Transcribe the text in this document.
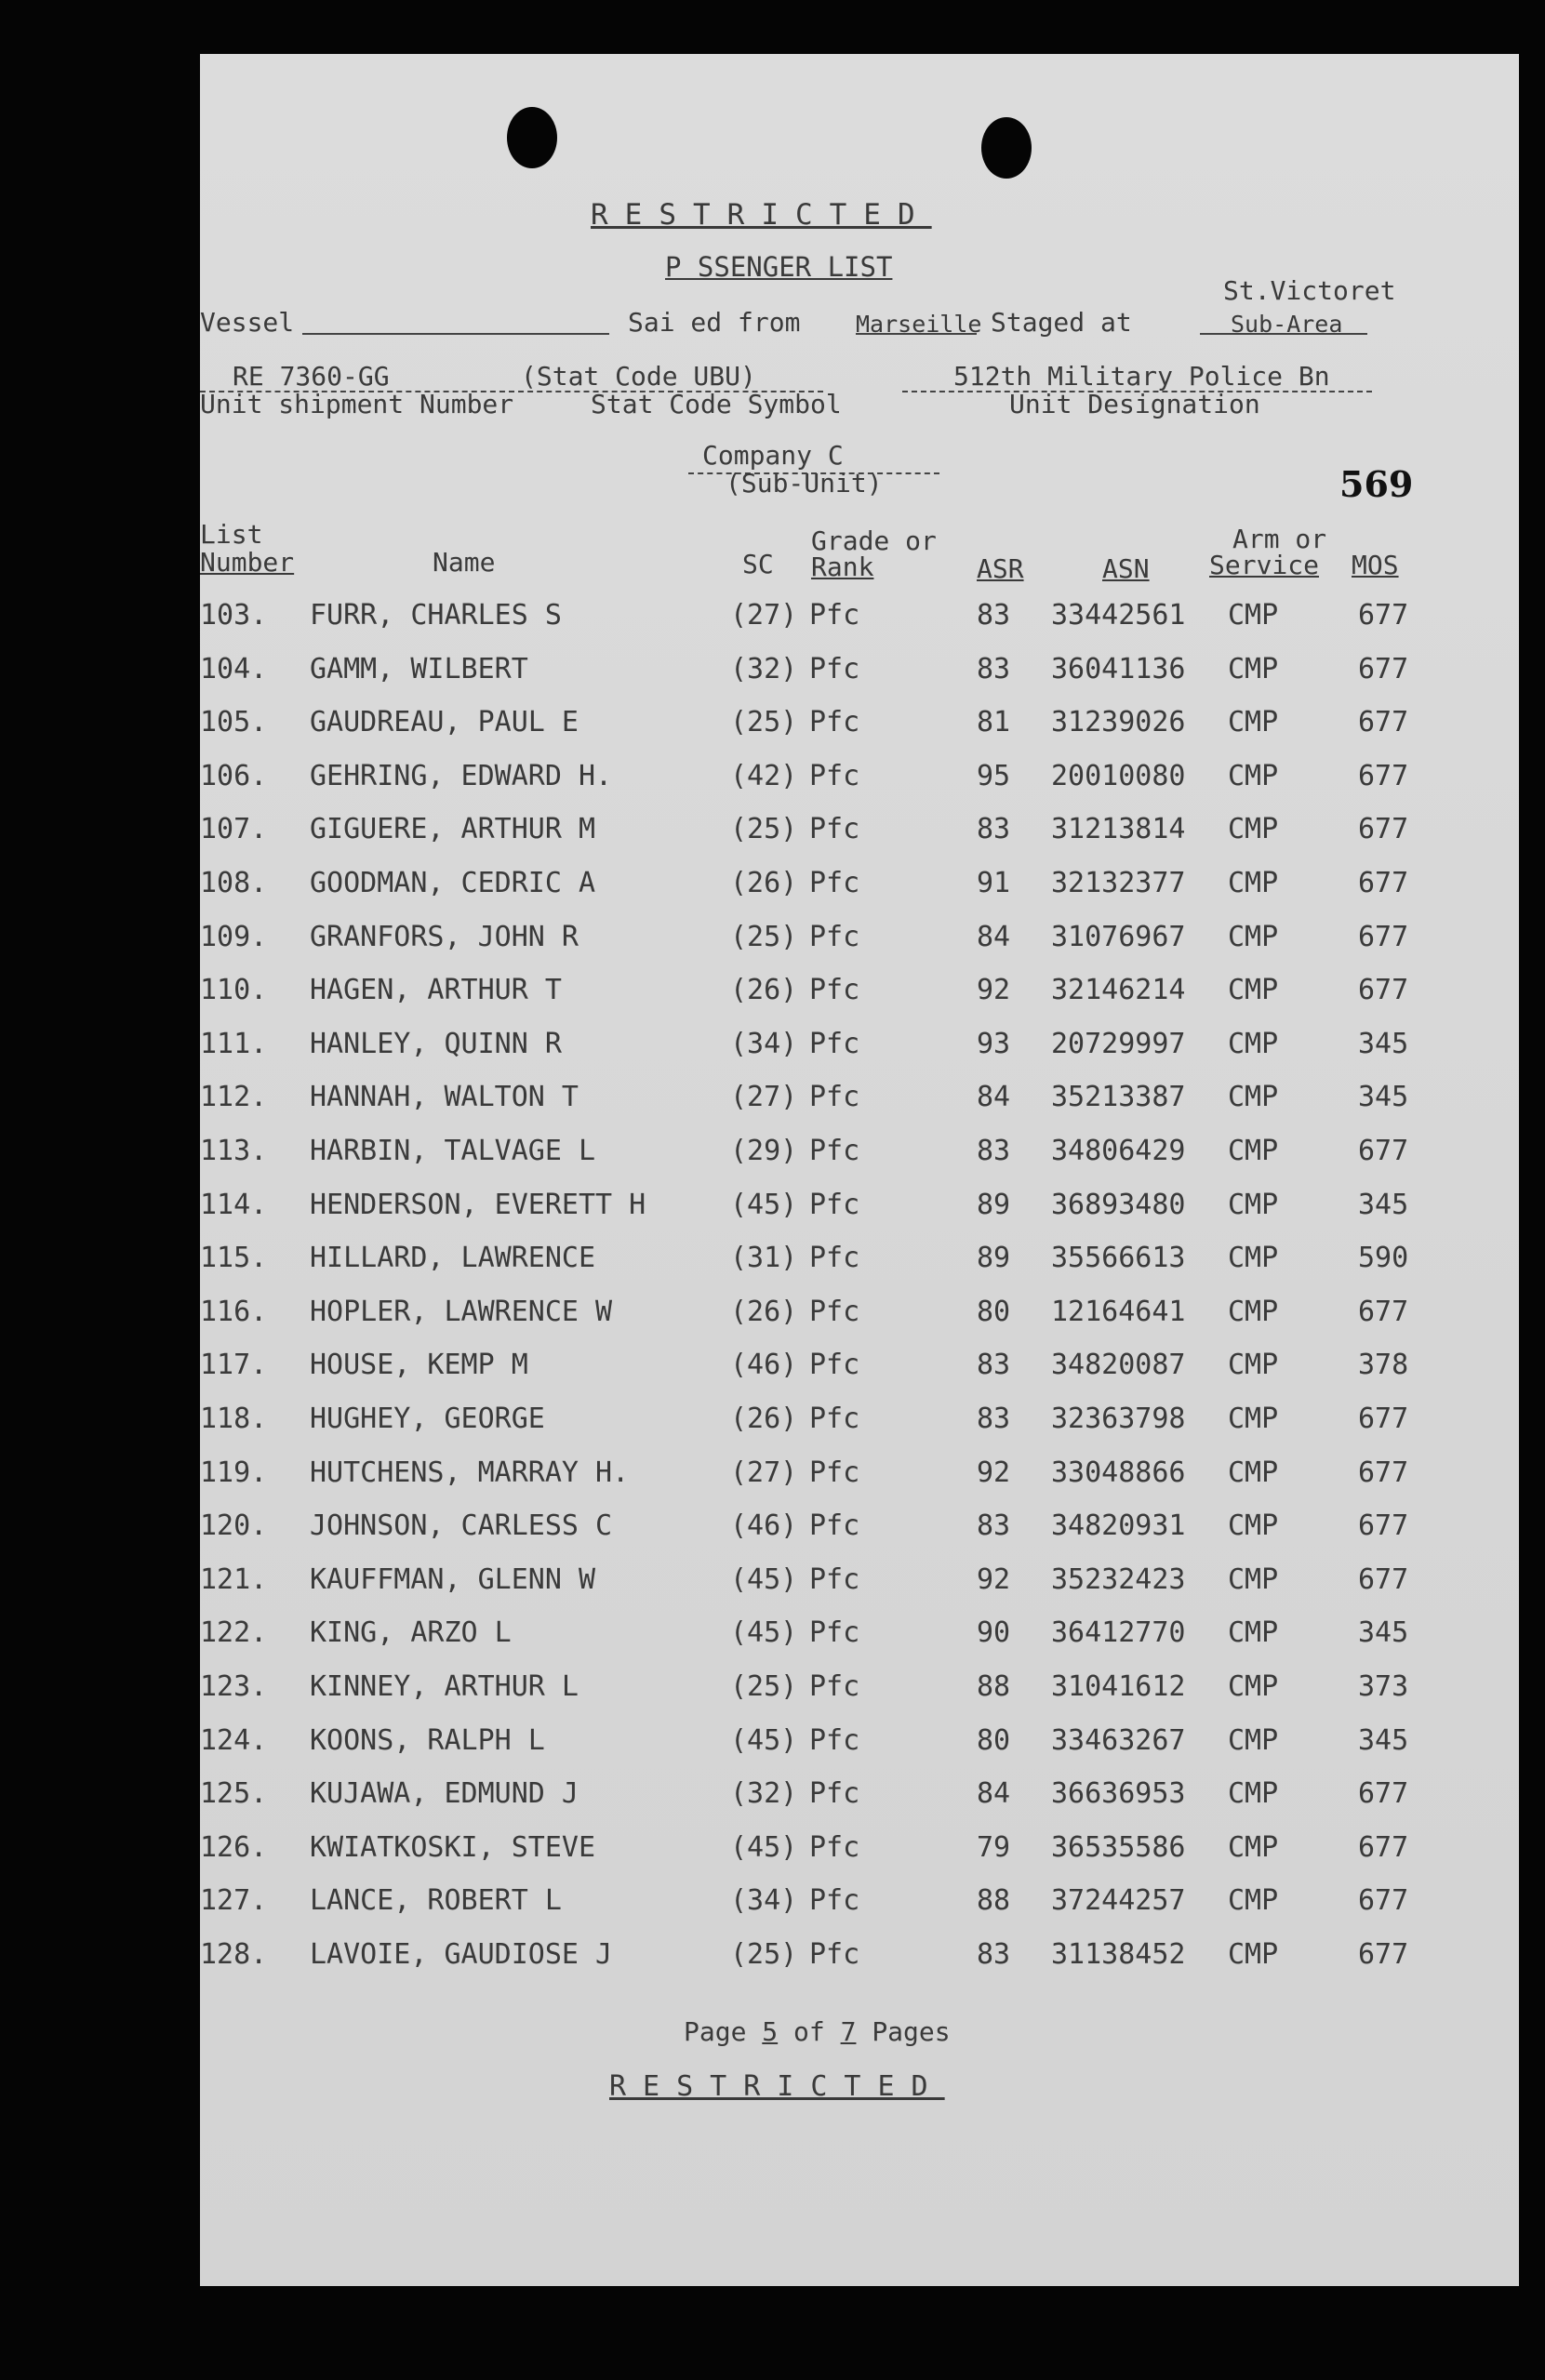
RESTRICTED
P SSENGER LIST
St.Victoret
Vessel	Sai ed from Marseille Staged at	Sub-Area
RE 7360-GG	(Stat Code UBU)	512th Military Police Bn
Unit shipment Number	Stat Code Symbol	Unit Designation
Company C
(Sub-Unit)	569
List
Number	Name	SC
Grade or
Rank	ASR	ASN
Arm or
Service MOS
103. FURR, CHARLES S	(27) Pfc	83 33442561 CMP	677
104. GAMM, WILBERT	(32) Pfc	83 36041136 CMP	677
105. GAUDREAU, PAUL E	(25) Pfc	81 31239026 CMP	677
106. GEHRING, EDWARD H.	(42) Pfc	95 20010080 CMP	677
107. GIGUERE, ARTHUR M	(25) Pfc	83 31213814 CMP	677
108. GOODMAN, CEDRIC A	(26) Pfc	91 32132377 CMP	677
109. GRANFORS, JOHN R	(25) Pfc	84 31076967 CMP	677
110. HAGEN, ARTHUR T	(26) Pfc	92 32146214 CMP	677
111. HANLEY, QUINN R	(34) Pfc	93 20729997 CMP	345
112. HANNAH, WALTON T	(27) Pfc	84 35213387 CMP	345
113. HARBIN, TALVAGE L	(29) Pfc	83 34806429 CMP	677
114. HENDERSON, EVERETT H	(45) Pfc	89 36893480 CMP	345
115. HILLARD, LAWRENCE	(31) Pfc	89 35566613 CMP	590
116. HOPLER, LAWRENCE W	(26) Pfc	80 12164641 CMP	677
117. HOUSE, KEMP M	(46) Pfc	83 34820087 CMP	378
118. HUGHEY, GEORGE	(26) Pfc	83 32363798 CMP	677
119. HUTCHENS, MARRAY H.	(27) Pfc	92 33048866 CMP	677
120. JOHNSON, CARLESS C	(46) Pfc	83 34820931 CMP	677
121. KAUFFMAN, GLENN W	(45) Pfc	92 35232423 CMP	677
122. KING, ARZO L	(45) Pfc	90 36412770 CMP	345
123. KINNEY, ARTHUR L	(25) Pfc	88 31041612 CMP	373
124. KOONS, RALPH L	(45) Pfc	80 33463267 CMP	345
125. KUJAWA, EDMUND J	(32) Pfc	84 36636953 CMP	677
126. KWIATKOSKI, STEVE	(45) Pfc	79 36535586 CMP	677
127. LANCE, ROBERT L	(34) Pfc	88 37244257 CMP	677
128. LAVOIE, GAUDIOSE J	(25) Pfc	83 31138452 CMP	677
Page 5 of 7 Pages
RESTRICTED
